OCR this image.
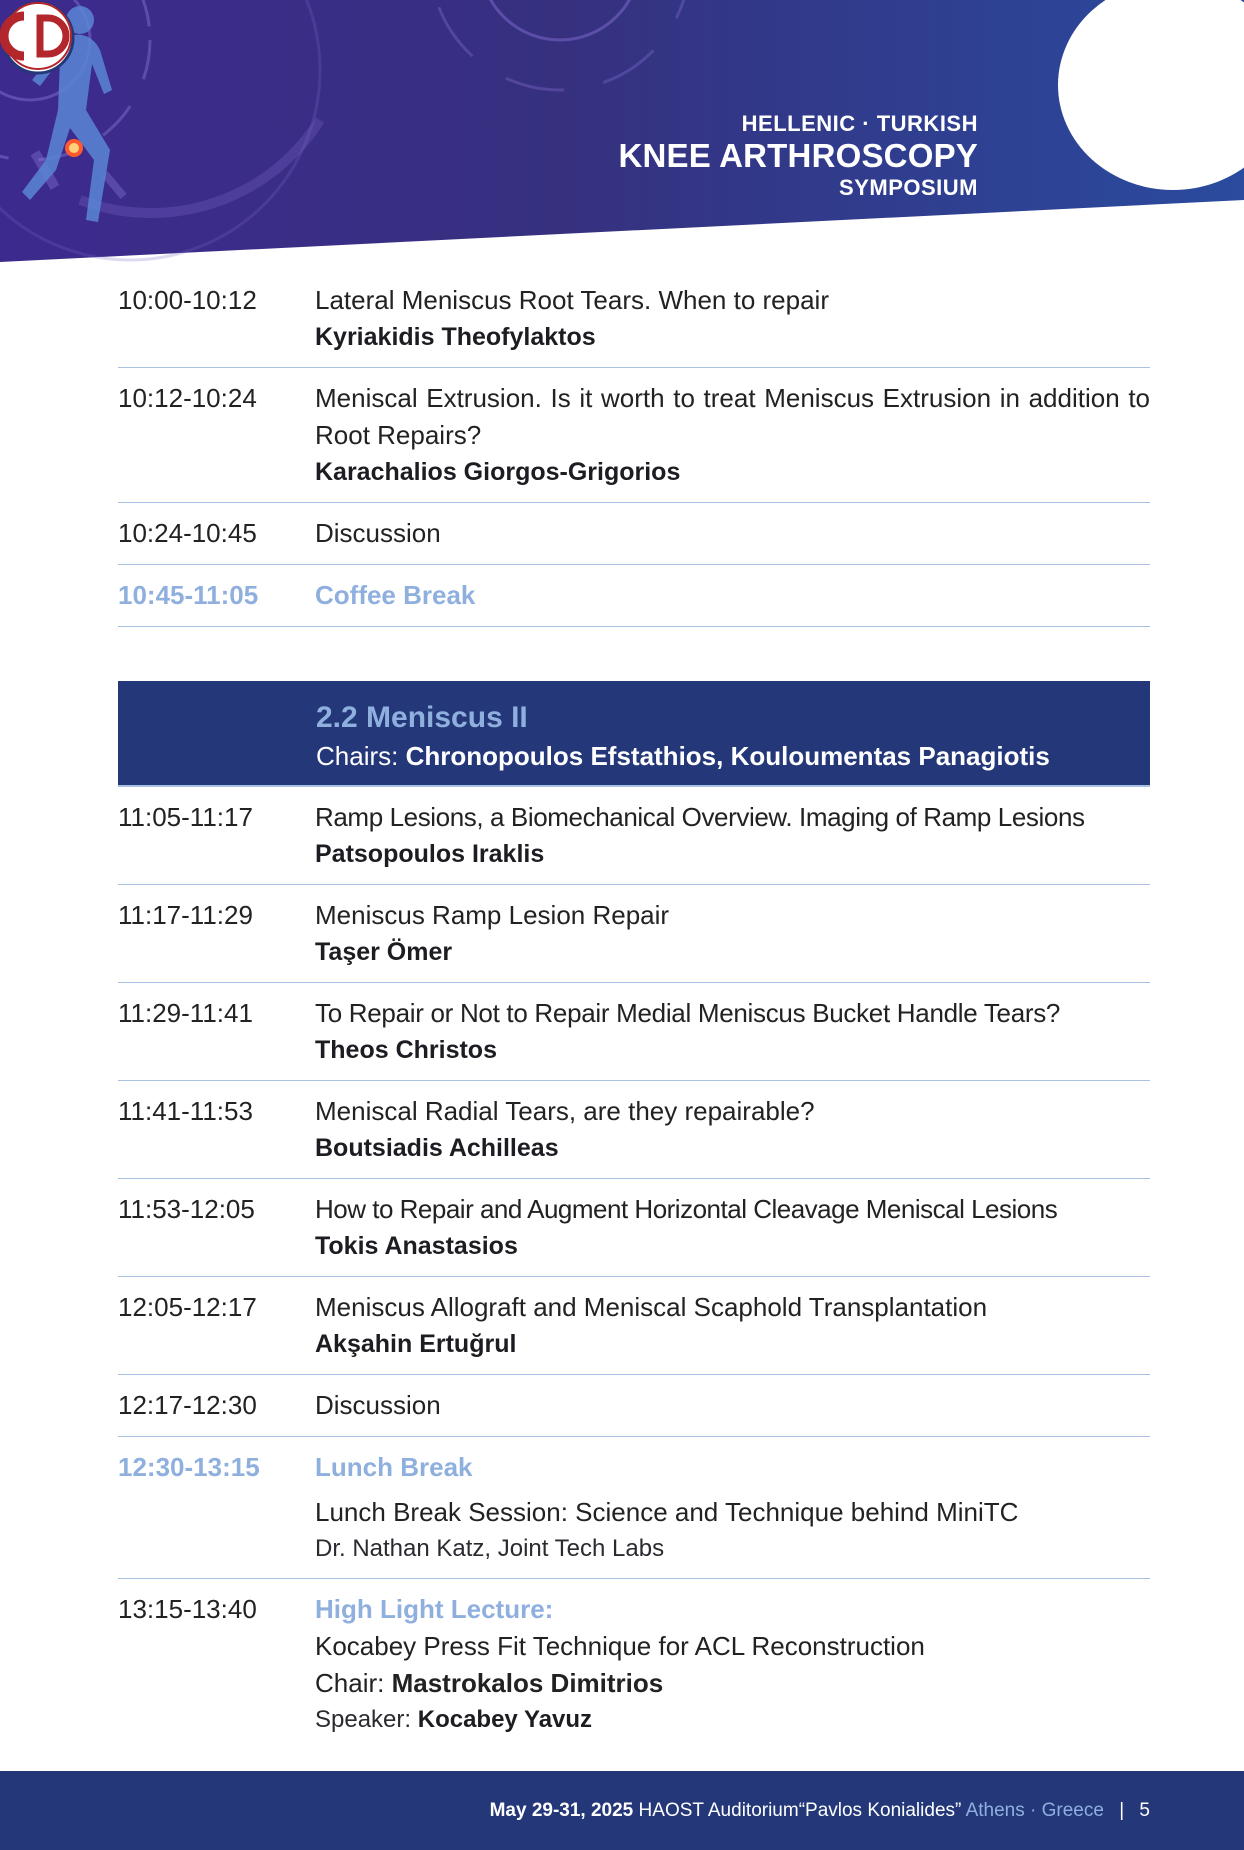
HELLENIC · TURKISH
KNEE ARTHROSCOPY
SYMPOSIUM
10:00-10:12	Lateral Meniscus Root Tears. When to repair
Kyriakidis Theofylaktos
10:12-10:24	Meniscal Extrusion. Is it worth to treat Meniscus Extrusion in addition to Root Repairs?
Karachalios Giorgos-Grigorios
10:24-10:45	Discussion
10:45-11:05	Coffee Break
2.2 Meniscus II
Chairs: Chronopoulos Efstathios, Kouloumentas Panagiotis
11:05-11:17	Ramp Lesions, a Biomechanical Overview. Imaging of Ramp Lesions
Patsopoulos Iraklis
11:17-11:29	Meniscus Ramp Lesion Repair
Taşer Ömer
11:29-11:41	To Repair or Not to Repair Medial Meniscus Bucket Handle Tears?
Theos Christos
11:41-11:53	Meniscal Radial Tears, are they repairable?
Boutsiadis Achilleas
11:53-12:05	How to Repair and Augment Horizontal Cleavage Meniscal Lesions
Tokis Anastasios
12:05-12:17	Meniscus Allograft and Meniscal Scaphold Transplantation
Akşahin Ertuğrul
12:17-12:30	Discussion
12:30-13:15	Lunch Break
Lunch Break Session: Science and Technique behind MiniTC
Dr. Nathan Katz, Joint Tech Labs
13:15-13:40	High Light Lecture:
Kocabey Press Fit Technique for ACL Reconstruction
Chair: Mastrokalos Dimitrios
Speaker: Kocabey Yavuz
May 29-31, 2025 HAOST Auditorium“Pavlos Konialides” Athens · Greece | 5
